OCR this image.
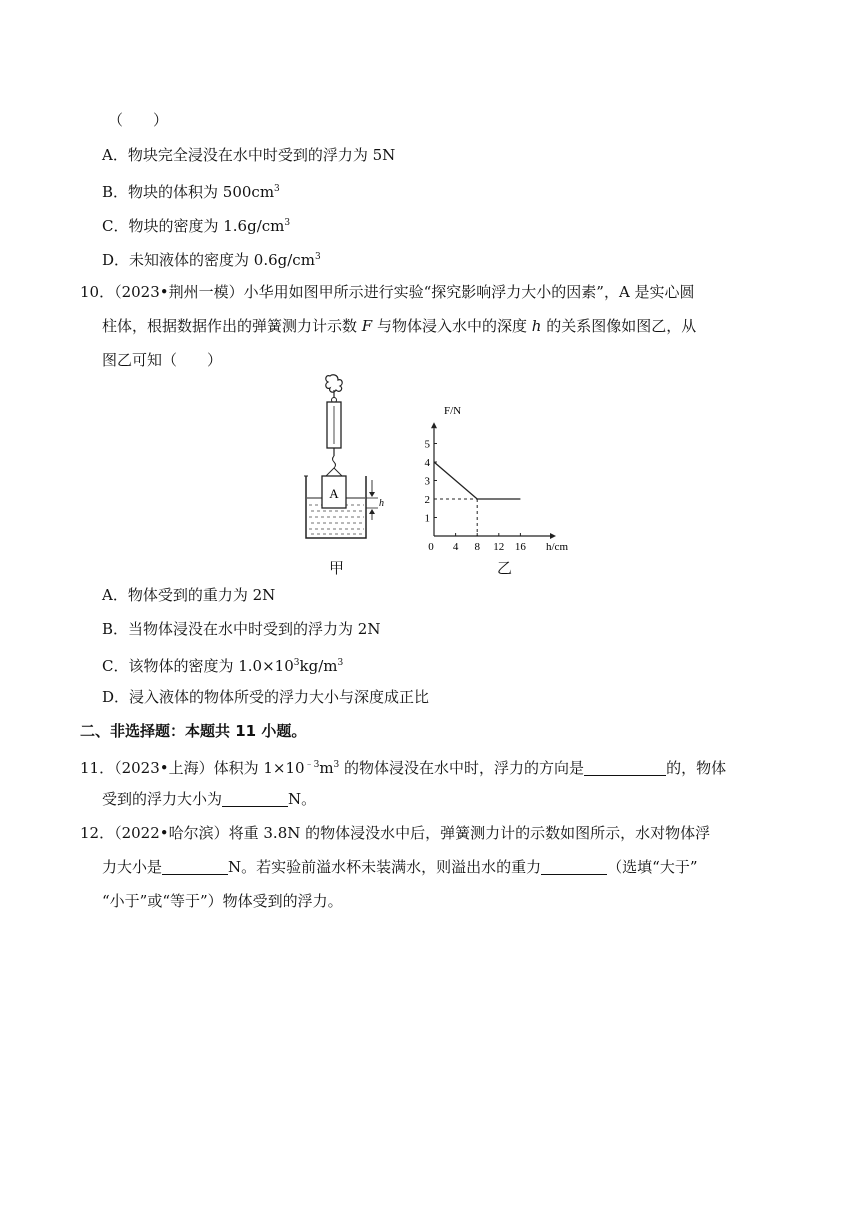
（　　）
A．物块完全浸没在水中时受到的浮力为 5N
B．物块的体积为 $500cm^3$
C．物块的密度为 $1.6g/cm^3$
D．未知液体的密度为 $0.6g/cm^3$
10．（2023•荆州一模）小华用如图甲所示进行实验“探究影响浮力大小的因素”，A 是实心圆
柱体，根据数据作出的弹簧测力计示数 F 与物体浸入水中的深度 h 的关系图像如图乙，从
图乙可知（　　）
A
h
甲
0 4 8 12 16
1
2
3
4
5
F/N
h/cm
乙
A．物体受到的重力为 2N
B．当物体浸没在水中时受到的浮力为 2N
C．该物体的密度为 $1.0\times 10^3kg/m^3$
D．浸入液体的物体所受的浮力大小与深度成正比
二、非选择题：本题共 11 小题。
11．（2023•上海）体积为 $1\times 10^{﹣3}m^3$ 的物体浸没在水中时，浮力的方向是	的，物体
受到的浮力大小为	N。
12．（2022•哈尔滨）将重 3.8N 的物体浸没水中后，弹簧测力计的示数如图所示，水对物体浮
力大小是	N。若实验前溢水杯未装满水，则溢出水的重力	（选填“大于”
“小于”或“等于”）物体受到的浮力。
